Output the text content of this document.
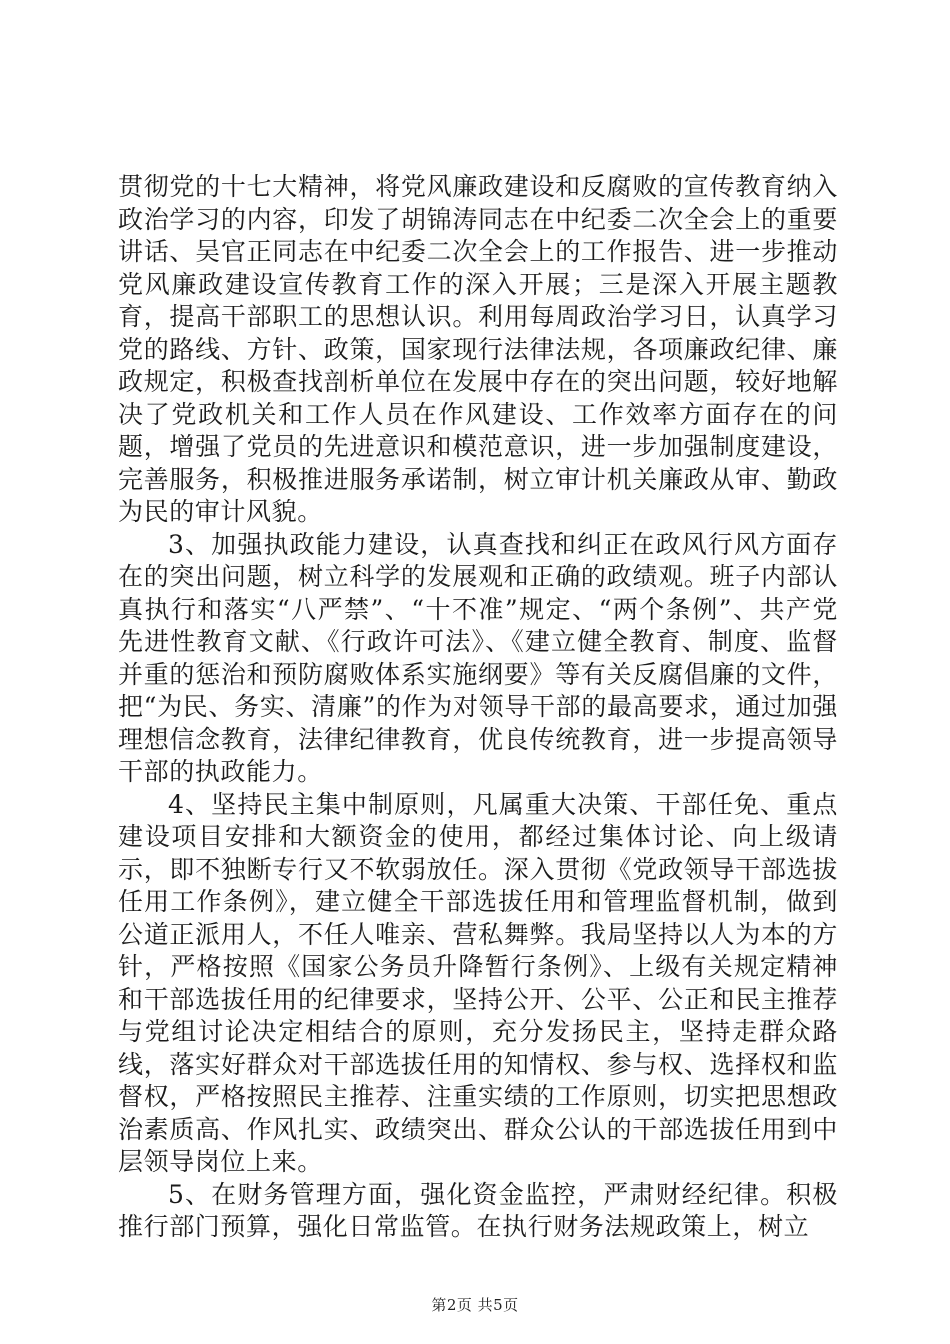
贯彻党的十七大精神，将党风廉政建设和反腐败的宣传教育纳入政治学习的内容，印发了胡锦涛同志在中纪委二次全会上的重要讲话、吴官正同志在中纪委二次全会上的工作报告、进一步推动党风廉政建设宣传教育工作的深入开展；三是深入开展主题教育，提高干部职工的思想认识。利用每周政治学习日，认真学习党的路线、方针、政策，国家现行法律法规，各项廉政纪律、廉政规定，积极查找剖析单位在发展中存在的突出问题，较好地解决了党政机关和工作人员在作风建设、工作效率方面存在的问题，增强了党员的先进意识和模范意识，进一步加强制度建设，完善服务，积极推进服务承诺制，树立审计机关廉政从审、勤政为民的审计风貌。

3、加强执政能力建设，认真查找和纠正在政风行风方面存在的突出问题，树立科学的发展观和正确的政绩观。班子内部认真执行和落实“八严禁”、“十不准”规定、“两个条例”、共产党先进性教育文献、《行政许可法》、《建立健全教育、制度、监督并重的惩治和预防腐败体系实施纲要》等有关反腐倡廉的文件，把“为民、务实、清廉”的作为对领导干部的最高要求，通过加强理想信念教育，法律纪律教育，优良传统教育，进一步提高领导干部的执政能力。

4、坚持民主集中制原则，凡属重大决策、干部任免、重点建设项目安排和大额资金的使用，都经过集体讨论、向上级请示，即不独断专行又不软弱放任。深入贯彻《党政领导干部选拔任用工作条例》，建立健全干部选拔任用和管理监督机制，做到公道正派用人，不任人唯亲、营私舞弊。我局坚持以人为本的方针，严格按照《国家公务员升降暂行条例》、上级有关规定精神和干部选拔任用的纪律要求，坚持公开、公平、公正和民主推荐与党组讨论决定相结合的原则，充分发扬民主，坚持走群众路线，落实好群众对干部选拔任用的知情权、参与权、选择权和监督权，严格按照民主推荐、注重实绩的工作原则，切实把思想政治素质高、作风扎实、政绩突出、群众公认的干部选拔任用到中层领导岗位上来。

5、在财务管理方面，强化资金监控，严肃财经纪律。积极推行部门预算，强化日常监管。在执行财务法规政策上，树立

第2页 共5页
